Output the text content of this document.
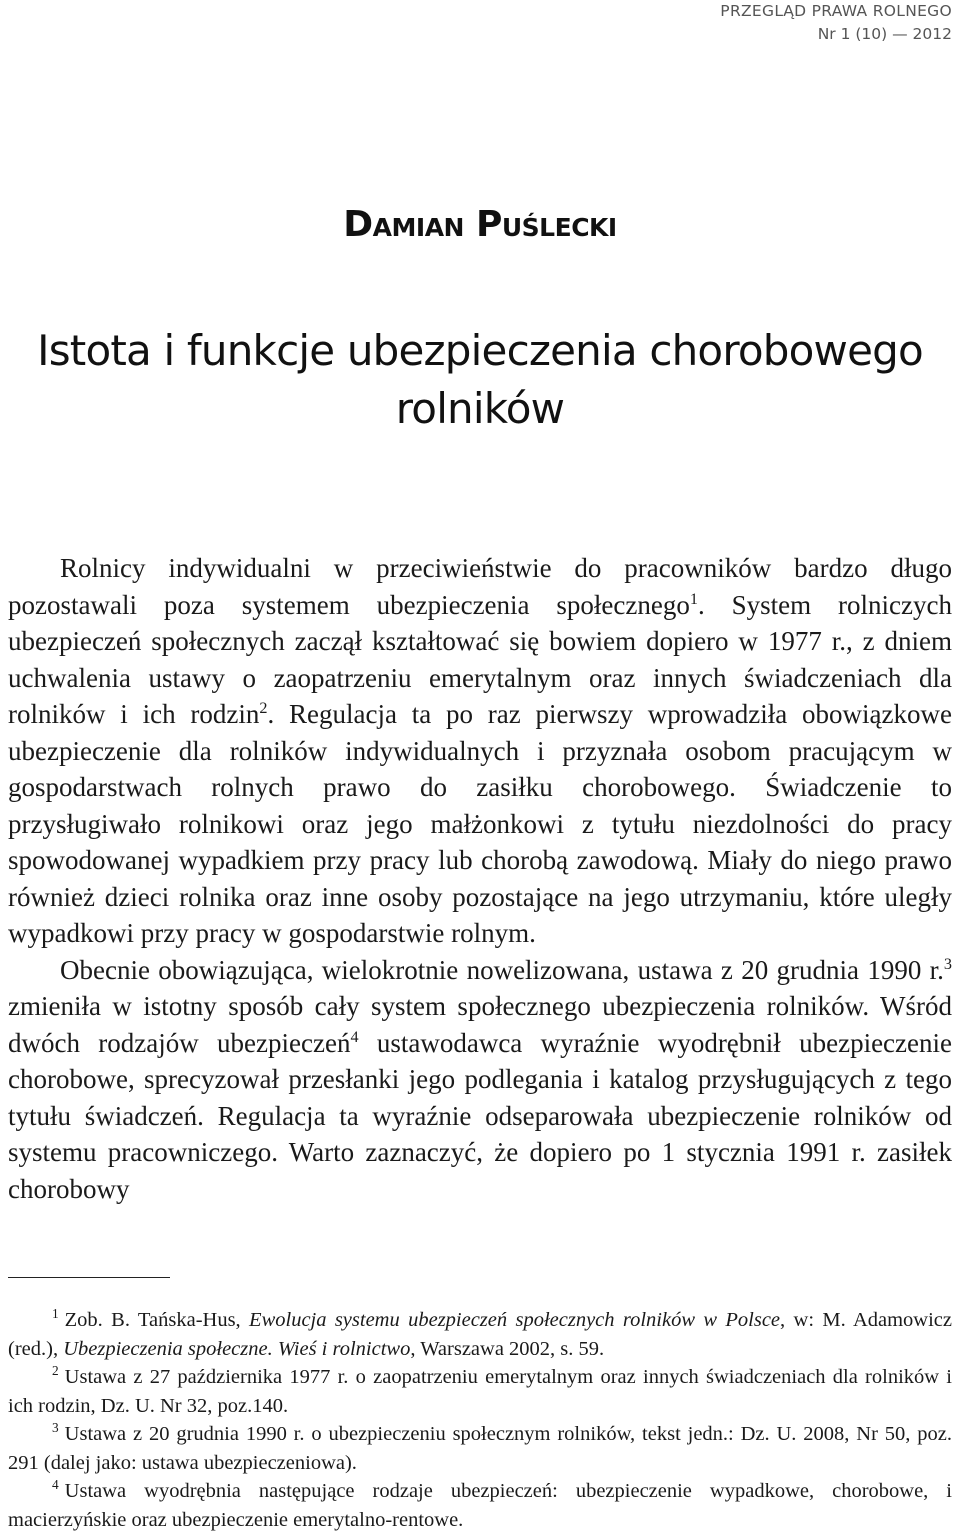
PRZEGLĄD PRAWA ROLNEGO
Nr 1 (10) — 2012
Damian Puślecki
Istota i funkcje ubezpieczenia chorobowego
rolników

Rolnicy indywidualni w przeciwieństwie do pracowników bardzo długo pozostawali poza systemem ubezpieczenia społecznego$^1$. System rolniczych ubezpieczeń społecznych zaczął kształtować się bowiem dopiero w 1977 r., z dniem uchwalenia ustawy o zaopatrzeniu emerytalnym oraz innych świadczeniach dla rolników i ich rodzin$^2$. Regulacja ta po raz pierwszy wprowadziła obowiązkowe ubezpieczenie dla rolników indywidualnych i przyznała osobom pracującym w gospodarstwach rolnych prawo do zasiłku chorobowego. Świadczenie to przysługiwało rolnikowi oraz jego małżonkowi z tytułu niezdolności do pracy spowodowanej wypadkiem przy pracy lub chorobą zawodową. Miały do niego prawo również dzieci rolnika oraz inne osoby pozostające na jego utrzymaniu, które uległy wypadkowi przy pracy w gospodarstwie rolnym.

Obecnie obowiązująca, wielokrotnie nowelizowana, ustawa z 20 grudnia 1990 r.$^3$ zmieniła w istotny sposób cały system społecznego ubezpieczenia rolników. Wśród dwóch rodzajów ubezpieczeń$^4$ ustawodawca wyraźnie wyodrębnił ubezpieczenie chorobowe, sprecyzował przesłanki jego podlegania i katalog przysługujących z tego tytułu świadczeń. Regulacja ta wyraźnie odseparowała ubezpieczenie rolników od systemu pracowniczego. Warto zaznaczyć, że dopiero po 1 stycznia 1991 r. zasiłek chorobowy

$^1$ Zob. B. Tańska-Hus, Ewolucja systemu ubezpieczeń społecznych rolników w Polsce, w: M. Adamowicz (red.), Ubezpieczenia społeczne. Wieś i rolnictwo, Warszawa 2002, s. 59.

$^2$ Ustawa z 27 października 1977 r. o zaopatrzeniu emerytalnym oraz innych świadczeniach dla rolników i ich rodzin, Dz. U. Nr 32, poz.140.

$^3$ Ustawa z 20 grudnia 1990 r. o ubezpieczeniu społecznym rolników, tekst jedn.: Dz. U. 2008, Nr 50, poz. 291 (dalej jako: ustawa ubezpieczeniowa).

$^4$ Ustawa wyodrębnia następujące rodzaje ubezpieczeń: ubezpieczenie wypadkowe, chorobowe, i macierzyńskie oraz ubezpieczenie emerytalno-rentowe.
